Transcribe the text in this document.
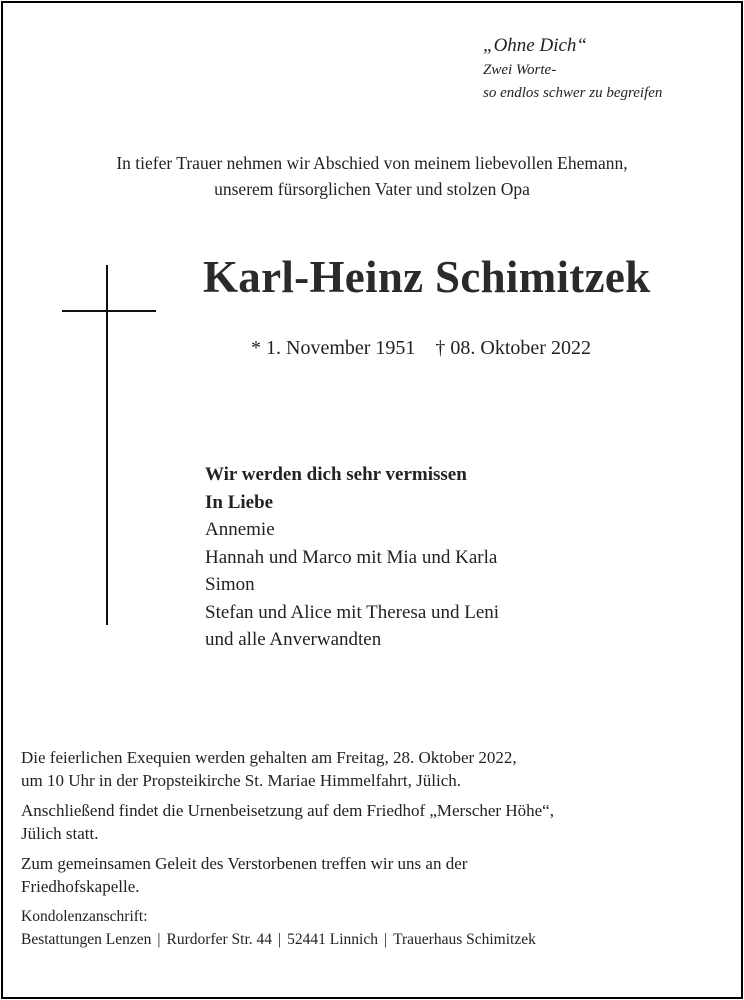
„Ohne Dich“
Zwei Worte-
so endlos schwer zu begreifen
In tiefer Trauer nehmen wir Abschied von meinem liebevollen Ehemann,
unserem fürsorglichen Vater und stolzen Opa
Karl-Heinz Schimitzek
* 1. November 1951 † 08. Oktober 2022
Wir werden dich sehr vermissen
In Liebe
Annemie
Hannah und Marco mit Mia und Karla
Simon
Stefan und Alice mit Theresa und Leni
und alle Anverwandten

Die feierlichen Exequien werden gehalten am Freitag, 28. Oktober 2022,
um 10 Uhr in der Propsteikirche St. Mariae Himmelfahrt, Jülich.

Anschließend findet die Urnenbeisetzung auf dem Friedhof „Merscher Höhe“,
Jülich statt.

Zum gemeinsamen Geleit des Verstorbenen treffen wir uns an der
Friedhofskapelle.

Kondolenzanschrift:
Bestattungen Lenzen | Rurdorfer Str. 44 | 52441 Linnich | Trauerhaus Schimitzek
